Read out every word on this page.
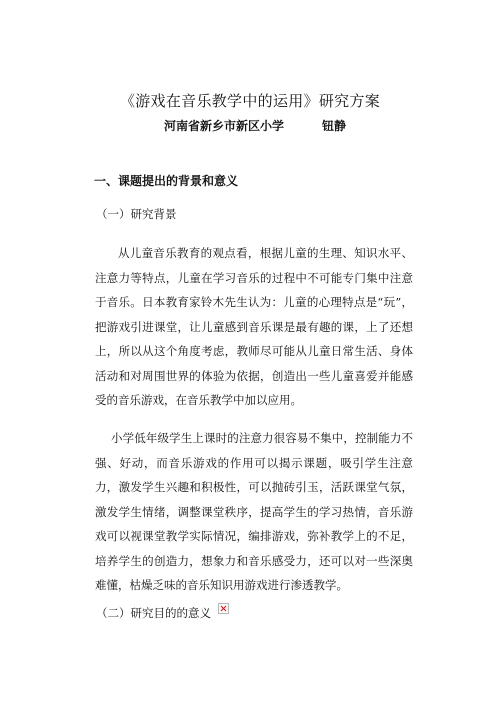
《游戏在音乐教学中的运用》研究方案
河南省新乡市新区小学	钮静
一、课题提出的背景和意义
（一）研究背景
从儿童音乐教育的观点看，根据儿童的生理、知识水平、注意力等特点，儿童在学习音乐的过程中不可能专门集中注意于音乐。日本教育家铃木先生认为：儿童的心理特点是“玩”，把游戏引进课堂，让儿童感到音乐课是最有趣的课，上了还想上，所以从这个角度考虑，教师尽可能从儿童日常生活、身体活动和对周围世界的体验为依据，创造出一些儿童喜爱并能感受的音乐游戏，在音乐教学中加以应用。
小学低年级学生上课时的注意力很容易不集中，控制能力不强、好动，而音乐游戏的作用可以揭示课题，吸引学生注意力，激发学生兴趣和积极性，可以抛砖引玉，活跃课堂气氛，激发学生情绪，调整课堂秩序，提高学生的学习热情，音乐游戏可以视课堂教学实际情况，编排游戏，弥补教学上的不足，培养学生的创造力，想象力和音乐感受力，还可以对一些深奥难懂，枯燥乏味的音乐知识用游戏进行渗透教学。
（二）研究目的的意义
